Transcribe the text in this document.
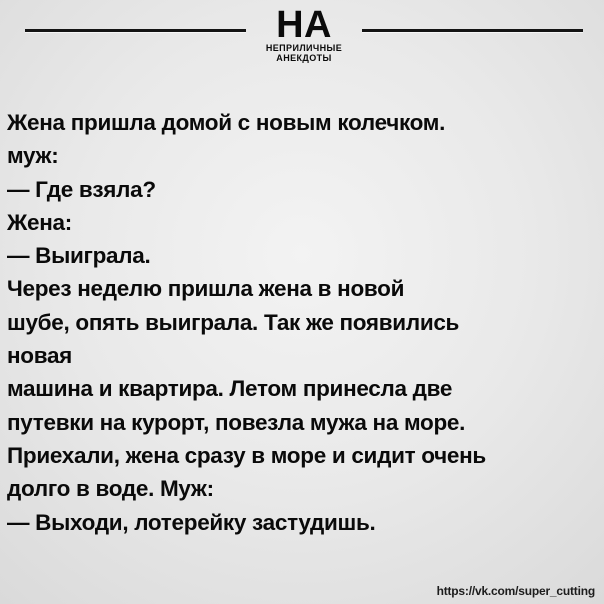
НА
НЕПРИЛИЧНЫЕ
АНЕКДОТЫ
Жена пришла домой с новым колечком.
муж:
— Где взяла?
Жена:
— Выиграла.
Через неделю пришла жена в новой
шубе, опять выиграла. Так же появились
новая
машина и квартира. Летом принесла две
путевки на курорт, повезла мужа на море.
Приехали, жена сразу в море и сидит очень
долго в воде. Муж:
— Выходи, лотерейку застудишь.
https://vk.com/super_cutting
